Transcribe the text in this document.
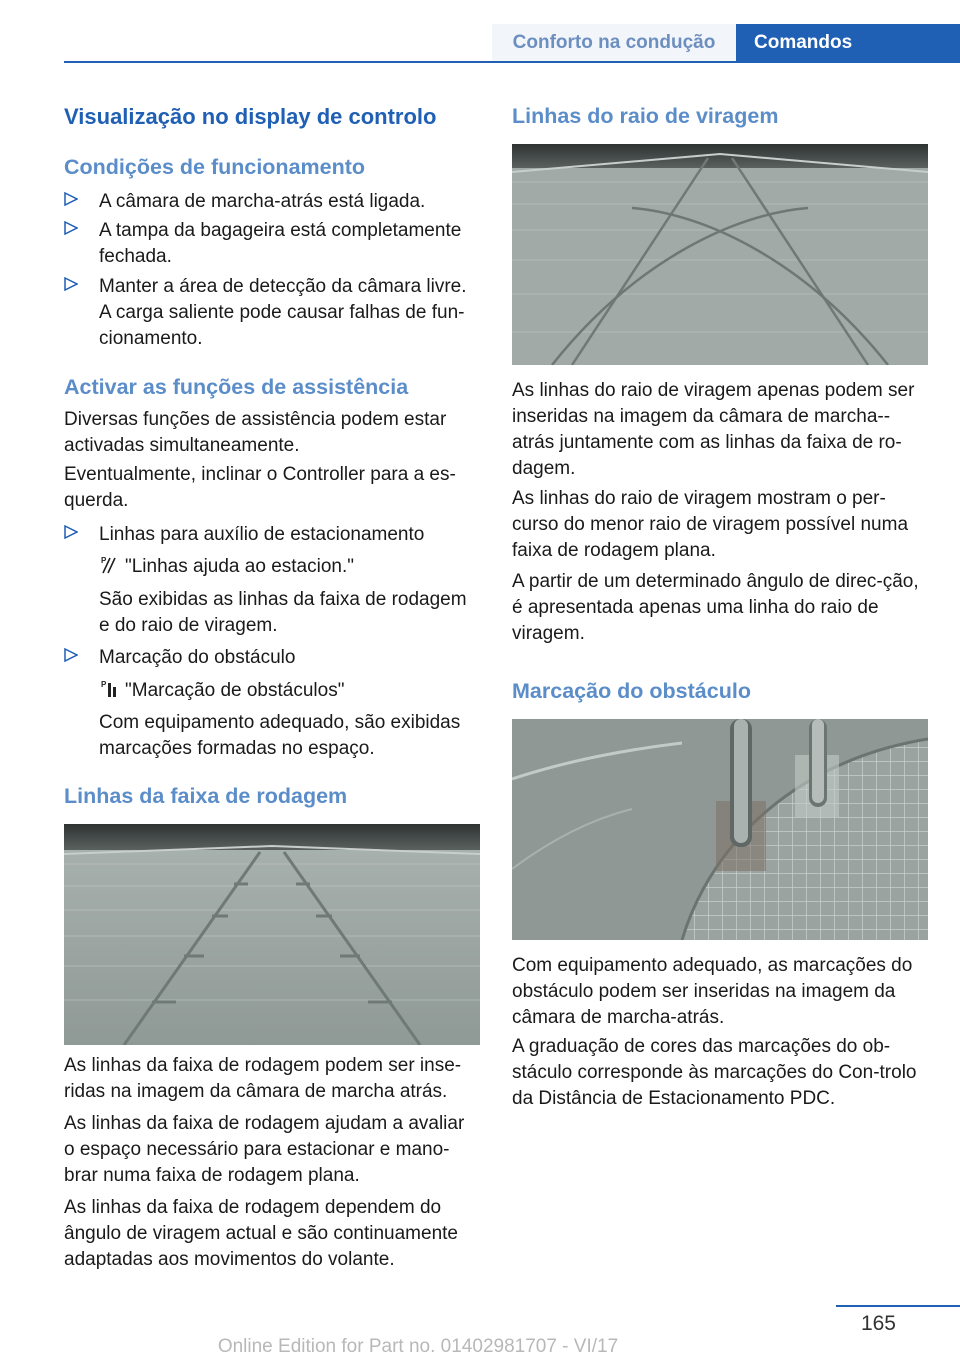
Conforto na condução	Comandos
Visualização no display de controlo
Condições de funcionamento
A câmara de marcha-atrás está ligada.
A tampa da bagageira está completamente fechada.
Manter a área de detecção da câmara livre. A carga saliente pode causar falhas de fun-cionamento.
Activar as funções de assistência

Diversas funções de assistência podem estar activadas simultaneamente.

Eventualmente, inclinar o Controller para a es-querda.

Linhas para auxílio de estacionamento
P "Linhas ajuda ao estacion."
São exibidas as linhas da faixa de rodagem e do raio de viragem.
Marcação do obstáculo
P "Marcação de obstáculos"
Com equipamento adequado, são exibidas marcações formadas no espaço.
Linhas da faixa de rodagem

As linhas da faixa de rodagem podem ser inse-ridas na imagem da câmara de marcha atrás.

As linhas da faixa de rodagem ajudam a avaliar o espaço necessário para estacionar e mano-brar numa faixa de rodagem plana.

As linhas da faixa de rodagem dependem do ângulo de viragem actual e são continuamente adaptadas aos movimentos do volante.

Linhas do raio de viragem

As linhas do raio de viragem apenas podem ser inseridas na imagem da câmara de marcha--atrás juntamente com as linhas da faixa de ro-dagem.

As linhas do raio de viragem mostram o per-curso do menor raio de viragem possível numa faixa de rodagem plana.

A partir de um determinado ângulo de direc-ção, é apresentada apenas uma linha do raio de viragem.

Marcação do obstáculo

Com equipamento adequado, as marcações do obstáculo podem ser inseridas na imagem da câmara de marcha-atrás.

A graduação de cores das marcações do ob-stáculo corresponde às marcações do Con-trolo da Distância de Estacionamento PDC.

165
Online Edition for Part no. 01402981707 - VI/17
